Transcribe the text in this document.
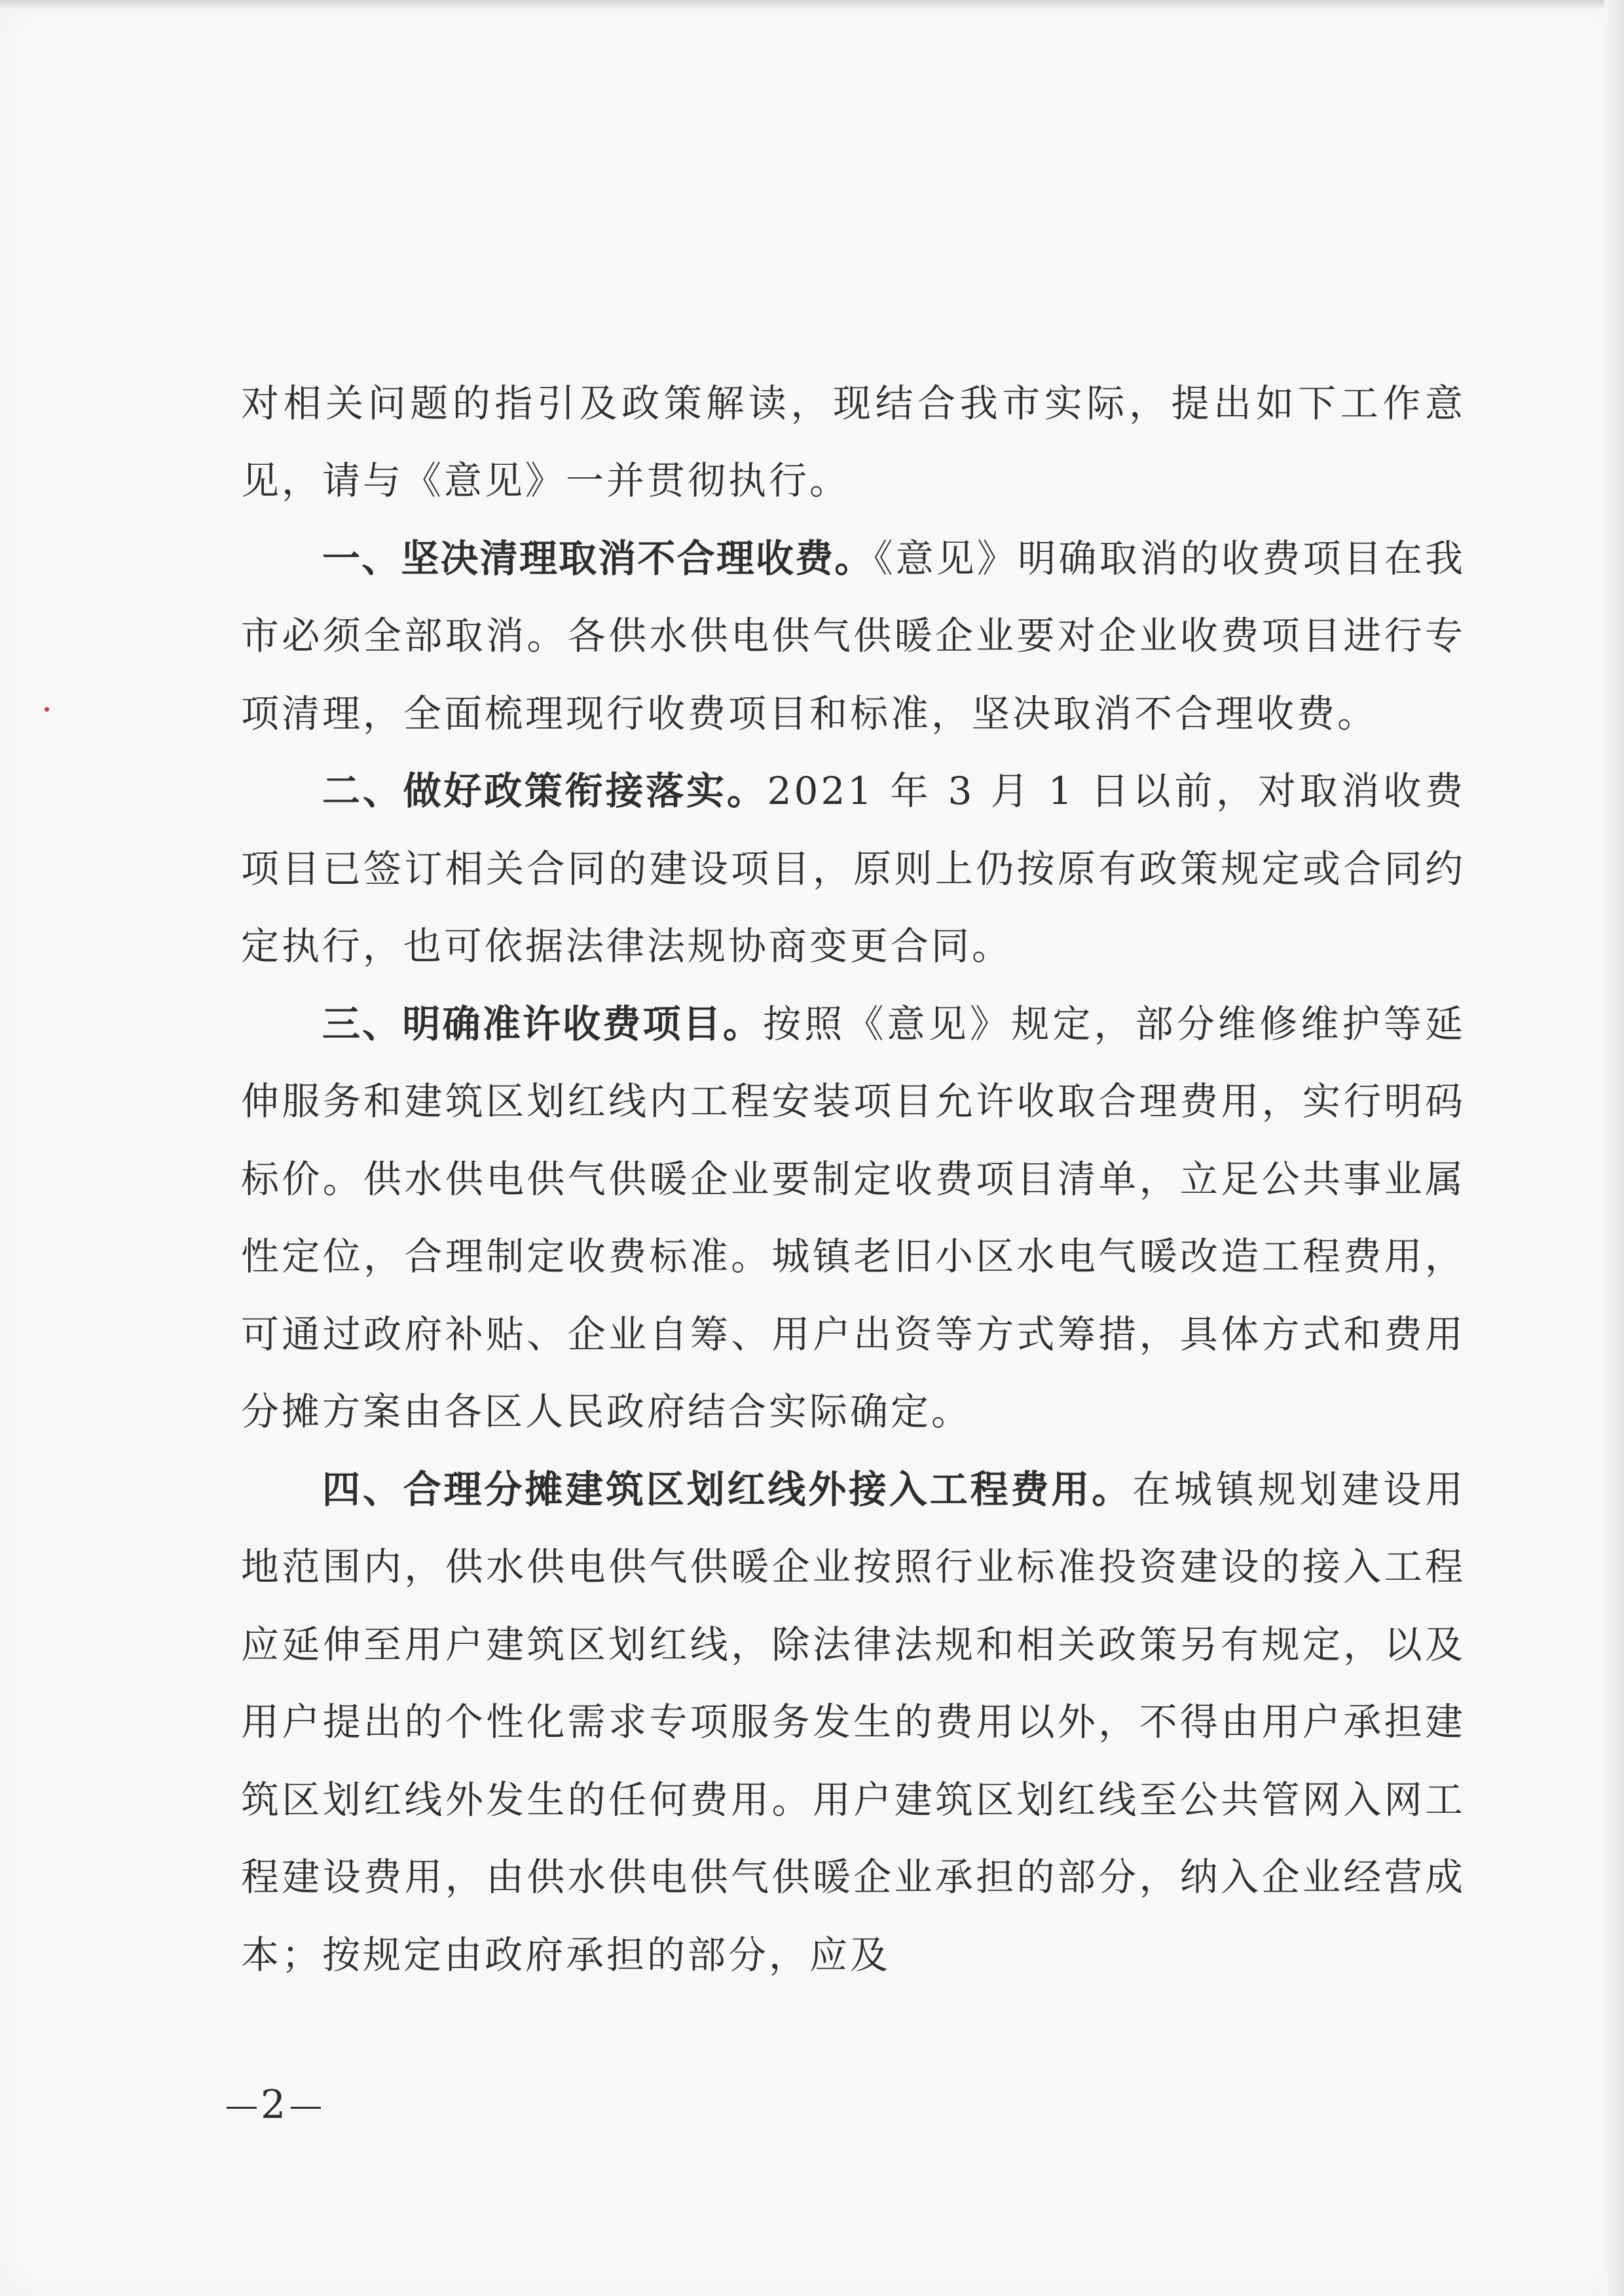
对相关问题的指引及政策解读，现结合我市实际，提出如下工作意见，请与《意见》一并贯彻执行。

一、坚决清理取消不合理收费。《意见》明确取消的收费项目在我市必须全部取消。各供水供电供气供暖企业要对企业收费项目进行专项清理，全面梳理现行收费项目和标准，坚决取消不合理收费。

二、做好政策衔接落实。2021 年 3 月 1 日以前，对取消收费项目已签订相关合同的建设项目，原则上仍按原有政策规定或合同约定执行，也可依据法律法规协商变更合同。

三、明确准许收费项目。按照《意见》规定，部分维修维护等延伸服务和建筑区划红线内工程安装项目允许收取合理费用，实行明码标价。供水供电供气供暖企业要制定收费项目清单，立足公共事业属性定位，合理制定收费标准。城镇老旧小区水电气暖改造工程费用，可通过政府补贴、企业自筹、用户出资等方式筹措，具体方式和费用分摊方案由各区人民政府结合实际确定。

四、合理分摊建筑区划红线外接入工程费用。在城镇规划建设用地范围内，供水供电供气供暖企业按照行业标准投资建设的接入工程应延伸至用户建筑区划红线，除法律法规和相关政策另有规定，以及用户提出的个性化需求专项服务发生的费用以外，不得由用户承担建筑区划红线外发生的任何费用。用户建筑区划红线至公共管网入网工程建设费用，由供水供电供气供暖企业承担的部分，纳入企业经营成本；按规定由政府承担的部分，应及

2
